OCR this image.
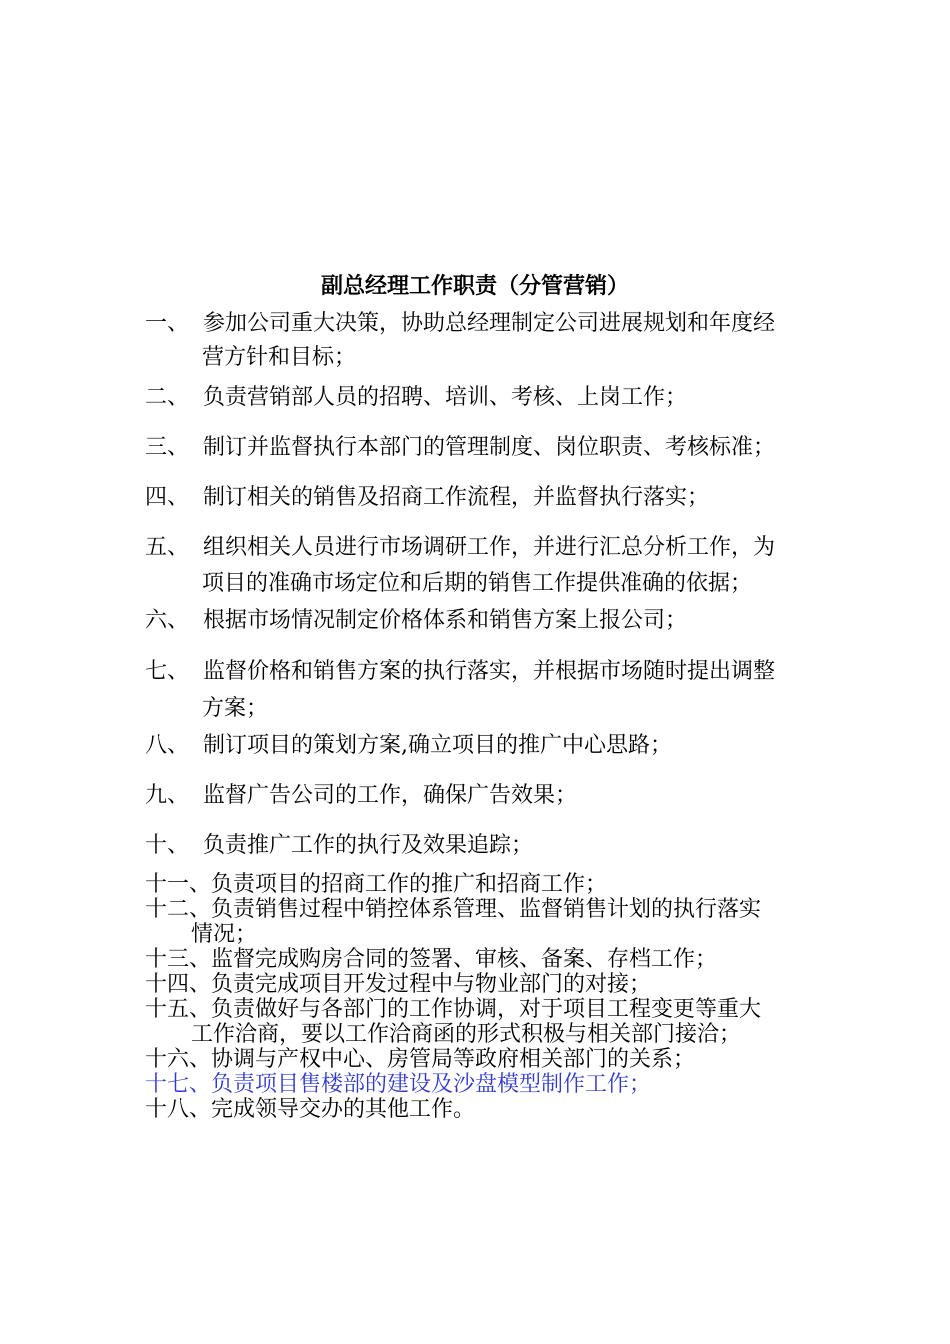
副总经理工作职责（分管营销）
一、 参加公司重大决策，协助总经理制定公司进展规划和年度经
营方针和目标；
二、 负责营销部人员的招聘、培训、考核、上岗工作；
三、 制订并监督执行本部门的管理制度、岗位职责、考核标准；
四、 制订相关的销售及招商工作流程，并监督执行落实；
五、 组织相关人员进行市场调研工作，并进行汇总分析工作，为
项目的准确市场定位和后期的销售工作提供准确的依据；
六、 根据市场情况制定价格体系和销售方案上报公司；
七、 监督价格和销售方案的执行落实，并根据市场随时提出调整
方案；
八、 制订项目的策划方案,确立项目的推广中心思路；
九、 监督广告公司的工作，确保广告效果；
十、 负责推广工作的执行及效果追踪；
十一、负责项目的招商工作的推广和招商工作；
十二、负责销售过程中销控体系管理、监督销售计划的执行落实
情况；
十三、监督完成购房合同的签署、审核、备案、存档工作；
十四、负责完成项目开发过程中与物业部门的对接；
十五、负责做好与各部门的工作协调，对于项目工程变更等重大
工作洽商，要以工作洽商函的形式积极与相关部门接洽；
十六、协调与产权中心、房管局等政府相关部门的关系；
十七、负责项目售楼部的建设及沙盘模型制作工作；
十八、完成领导交办的其他工作。
